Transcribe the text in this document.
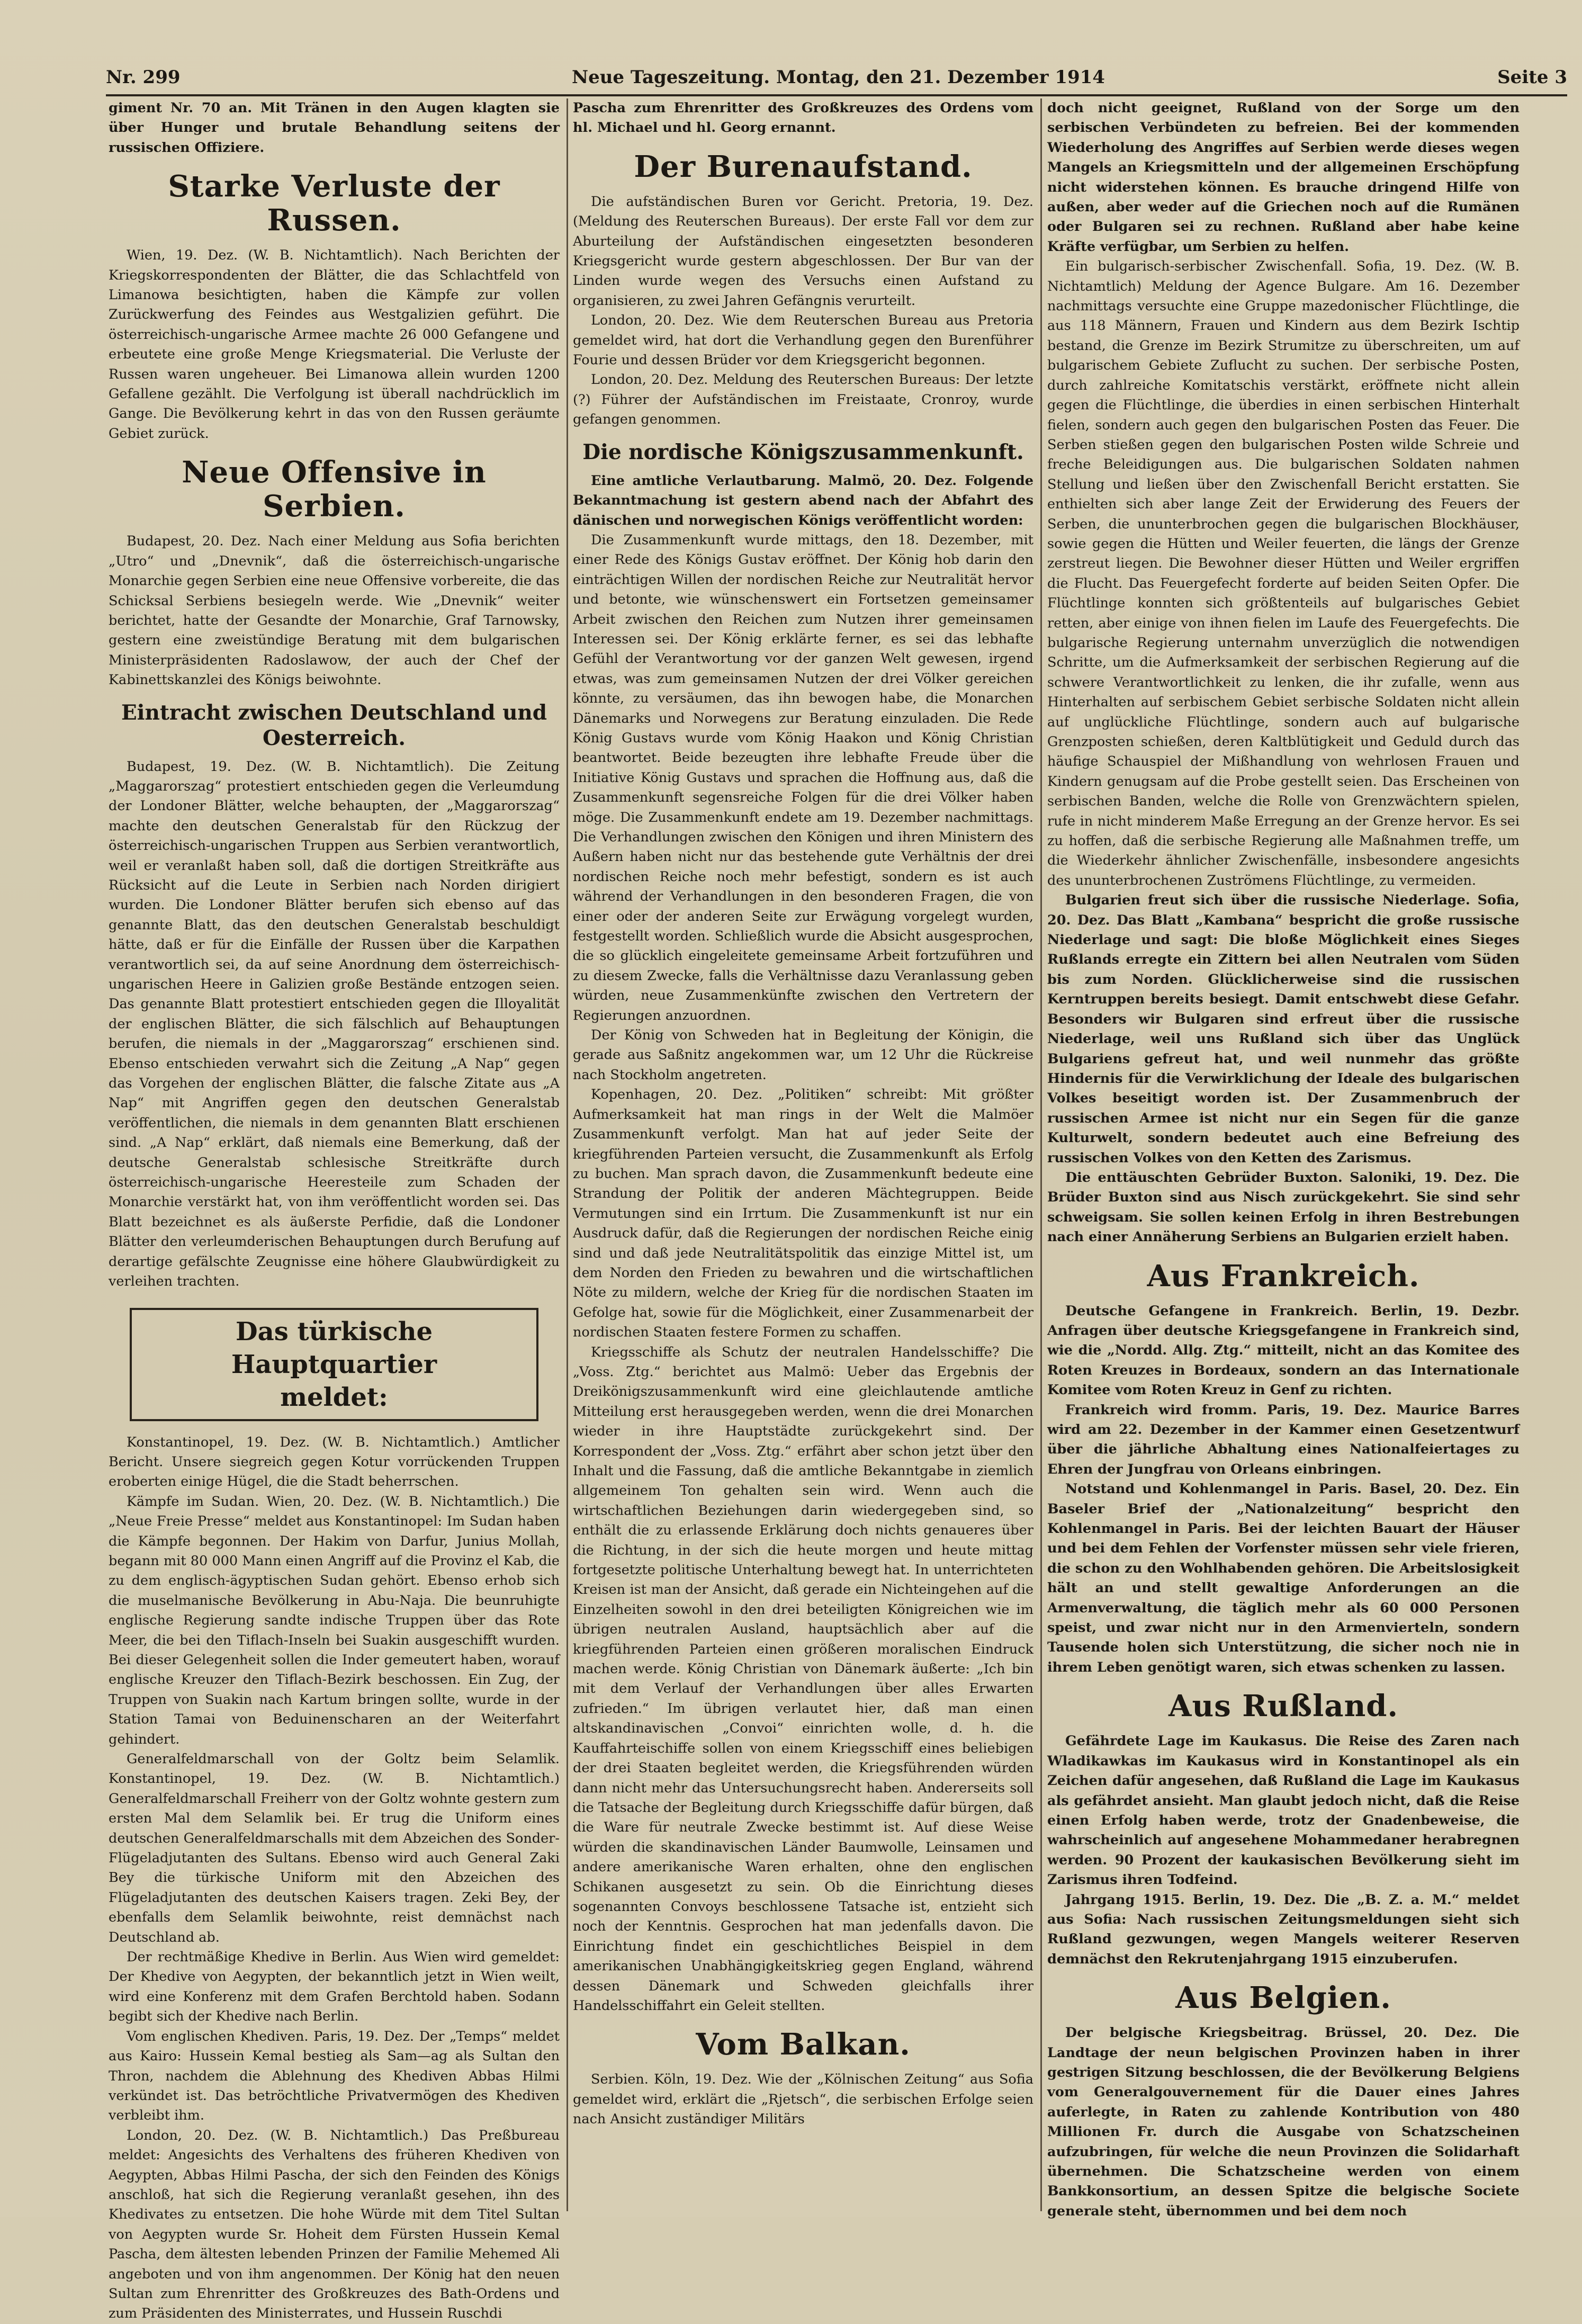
Nr. 299	Neue Tageszeitung. Montag, den 21. Dezember 1914	Seite 3

giment Nr. 70 an. Mit Tränen in den Augen klagten sie über Hunger und brutale Behandlung seitens der russischen Offiziere.

Starke Verluste der Russen.

Wien, 19. Dez. (W. B. Nichtamtlich). Nach Berichten der Kriegskorrespondenten der Blätter, die das Schlachtfeld von Limanowa besichtigten, haben die Kämpfe zur vollen Zurückwerfung des Feindes aus Westgalizien geführt. Die österreichisch-ungarische Armee machte 26 000 Gefangene und erbeutete eine große Menge Kriegsmaterial. Die Verluste der Russen waren ungeheuer. Bei Limanowa allein wurden 1200 Gefallene gezählt. Die Verfolgung ist überall nachdrücklich im Gange. Die Bevölkerung kehrt in das von den Russen geräumte Gebiet zurück.

Neue Offensive in Serbien.

Budapest, 20. Dez. Nach einer Meldung aus Sofia berichten „Utro“ und „Dnevnik“, daß die österreichisch-ungarische Monarchie gegen Serbien eine neue Offensive vorbereite, die das Schicksal Serbiens besiegeln werde. Wie „Dnevnik“ weiter berichtet, hatte der Gesandte der Monarchie, Graf Tarnowsky, gestern eine zweistündige Beratung mit dem bulgarischen Ministerpräsidenten Radoslawow, der auch der Chef der Kabinettskanzlei des Königs beiwohnte.

Eintracht zwischen Deutschland und Oesterreich.

Budapest, 19. Dez. (W. B. Nichtamtlich). Die Zeitung „Maggarorszag“ protestiert entschieden gegen die Verleumdung der Londoner Blätter, welche behaupten, der „Maggarorszag“ machte den deutschen Generalstab für den Rückzug der österreichisch-ungarischen Truppen aus Serbien verantwortlich, weil er veranlaßt haben soll, daß die dortigen Streitkräfte aus Rücksicht auf die Leute in Serbien nach Norden dirigiert wurden. Die Londoner Blätter berufen sich ebenso auf das genannte Blatt, das den deutschen Generalstab beschuldigt hätte, daß er für die Einfälle der Russen über die Karpathen verantwortlich sei, da auf seine Anordnung dem österreichisch-ungarischen Heere in Galizien große Bestände entzogen seien. Das genannte Blatt protestiert entschieden gegen die Illoyalität der englischen Blätter, die sich fälschlich auf Behauptungen berufen, die niemals in der „Maggarorszag“ erschienen sind. Ebenso entschieden verwahrt sich die Zeitung „A Nap“ gegen das Vorgehen der englischen Blätter, die falsche Zitate aus „A Nap“ mit Angriffen gegen den deutschen Generalstab veröffentlichen, die niemals in dem genannten Blatt erschienen sind. „A Nap“ erklärt, daß niemals eine Bemerkung, daß der deutsche Generalstab schlesische Streitkräfte durch österreichisch-ungarische Heeresteile zum Schaden der Monarchie verstärkt hat, von ihm veröffentlicht worden sei. Das Blatt bezeichnet es als äußerste Perfidie, daß die Londoner Blätter den verleumderischen Behauptungen durch Berufung auf derartige gefälschte Zeugnisse eine höhere Glaubwürdigkeit zu verleihen trachten.

Das türkische Hauptquartier
meldet:

Konstantinopel, 19. Dez. (W. B. Nichtamtlich.) Amtlicher Bericht. Unsere siegreich gegen Kotur vorrückenden Truppen eroberten einige Hügel, die die Stadt beherrschen.

Kämpfe im Sudan. Wien, 20. Dez. (W. B. Nichtamtlich.) Die „Neue Freie Presse“ meldet aus Konstantinopel: Im Sudan haben die Kämpfe begonnen. Der Hakim von Darfur, Junius Mollah, begann mit 80 000 Mann einen Angriff auf die Provinz el Kab, die zu dem englisch-ägyptischen Sudan gehört. Ebenso erhob sich die muselmanische Bevölkerung in Abu-Naja. Die beunruhigte englische Regierung sandte indische Truppen über das Rote Meer, die bei den Tiflach-Inseln bei Suakin ausgeschifft wurden. Bei dieser Gelegenheit sollen die Inder gemeutert haben, worauf englische Kreuzer den Tiflach-Bezirk beschossen. Ein Zug, der Truppen von Suakin nach Kartum bringen sollte, wurde in der Station Tamai von Beduinenscharen an der Weiterfahrt gehindert.

Generalfeldmarschall von der Goltz beim Selamlik. Konstantinopel, 19. Dez. (W. B. Nichtamtlich.) Generalfeldmarschall Freiherr von der Goltz wohnte gestern zum ersten Mal dem Selamlik bei. Er trug die Uniform eines deutschen Generalfeldmarschalls mit dem Abzeichen des Sonder-Flügeladjutanten des Sultans. Ebenso wird auch General Zaki Bey die türkische Uniform mit den Abzeichen des Flügeladjutanten des deutschen Kaisers tragen. Zeki Bey, der ebenfalls dem Selamlik beiwohnte, reist demnächst nach Deutschland ab.

Der rechtmäßige Khedive in Berlin. Aus Wien wird gemeldet: Der Khedive von Aegypten, der bekanntlich jetzt in Wien weilt, wird eine Konferenz mit dem Grafen Berchtold haben. Sodann begibt sich der Khedive nach Berlin.

Vom englischen Khediven. Paris, 19. Dez. Der „Temps“ meldet aus Kairo: Hussein Kemal bestieg als Sam—ag als Sultan den Thron, nachdem die Ablehnung des Khediven Abbas Hilmi verkündet ist. Das betröchtliche Privatvermögen des Khediven verbleibt ihm.

London, 20. Dez. (W. B. Nichtamtlich.) Das Preßbureau meldet: Angesichts des Verhaltens des früheren Khediven von Aegypten, Abbas Hilmi Pascha, der sich den Feinden des Königs anschloß, hat sich die Regierung veranlaßt gesehen, ihn des Khedivates zu entsetzen. Die hohe Würde mit dem Titel Sultan von Aegypten wurde Sr. Hoheit dem Fürsten Hussein Kemal Pascha, dem ältesten lebenden Prinzen der Familie Mehemed Ali angeboten und von ihm angenommen. Der König hat den neuen Sultan zum Ehrenritter des Großkreuzes des Bath-Ordens und zum Präsidenten des Ministerrates, und Hussein Ruschdi

Pascha zum Ehrenritter des Großkreuzes des Ordens vom hl. Michael und hl. Georg ernannt.

Der Burenaufstand.

Die aufständischen Buren vor Gericht. Pretoria, 19. Dez. (Meldung des Reuterschen Bureaus). Der erste Fall vor dem zur Aburteilung der Aufständischen eingesetzten besonderen Kriegsgericht wurde gestern abgeschlossen. Der Bur van der Linden wurde wegen des Versuchs einen Aufstand zu organisieren, zu zwei Jahren Gefängnis verurteilt.

London, 20. Dez. Wie dem Reuterschen Bureau aus Pretoria gemeldet wird, hat dort die Verhandlung gegen den Burenführer Fourie und dessen Brüder vor dem Kriegsgericht begonnen.

London, 20. Dez. Meldung des Reuterschen Bureaus: Der letzte (?) Führer der Aufständischen im Freistaate, Cronroy, wurde gefangen genommen.

Die nordische Königszusammenkunft.

Eine amtliche Verlautbarung. Malmö, 20. Dez. Folgende Bekanntmachung ist gestern abend nach der Abfahrt des dänischen und norwegischen Königs veröffentlicht worden:

Die Zusammenkunft wurde mittags, den 18. Dezember, mit einer Rede des Königs Gustav eröffnet. Der König hob darin den einträchtigen Willen der nordischen Reiche zur Neutralität hervor und betonte, wie wünschenswert ein Fortsetzen gemeinsamer Arbeit zwischen den Reichen zum Nutzen ihrer gemeinsamen Interessen sei. Der König erklärte ferner, es sei das lebhafte Gefühl der Verantwortung vor der ganzen Welt gewesen, irgend etwas, was zum gemeinsamen Nutzen der drei Völker gereichen könnte, zu versäumen, das ihn bewogen habe, die Monarchen Dänemarks und Norwegens zur Beratung einzuladen. Die Rede König Gustavs wurde vom König Haakon und König Christian beantwortet. Beide bezeugten ihre lebhafte Freude über die Initiative König Gustavs und sprachen die Hoffnung aus, daß die Zusammenkunft segensreiche Folgen für die drei Völker haben möge. Die Zusammenkunft endete am 19. Dezember nachmittags. Die Verhandlungen zwischen den Königen und ihren Ministern des Außern haben nicht nur das bestehende gute Verhältnis der drei nordischen Reiche noch mehr befestigt, sondern es ist auch während der Verhandlungen in den besonderen Fragen, die von einer oder der anderen Seite zur Erwägung vorgelegt wurden, festgestellt worden. Schließlich wurde die Absicht ausgesprochen, die so glücklich eingeleitete gemeinsame Arbeit fortzuführen und zu diesem Zwecke, falls die Verhältnisse dazu Veranlassung geben würden, neue Zusammenkünfte zwischen den Vertretern der Regierungen anzuordnen.

Der König von Schweden hat in Begleitung der Königin, die gerade aus Saßnitz angekommen war, um 12 Uhr die Rückreise nach Stockholm angetreten.

Kopenhagen, 20. Dez. „Politiken“ schreibt: Mit größter Aufmerksamkeit hat man rings in der Welt die Malmöer Zusammenkunft verfolgt. Man hat auf jeder Seite der kriegführenden Parteien versucht, die Zusammenkunft als Erfolg zu buchen. Man sprach davon, die Zusammenkunft bedeute eine Strandung der Politik der anderen Mächtegruppen. Beide Vermutungen sind ein Irrtum. Die Zusammenkunft ist nur ein Ausdruck dafür, daß die Regierungen der nordischen Reiche einig sind und daß jede Neutralitätspolitik das einzige Mittel ist, um dem Norden den Frieden zu bewahren und die wirtschaftlichen Nöte zu mildern, welche der Krieg für die nordischen Staaten im Gefolge hat, sowie für die Möglichkeit, einer Zusammenarbeit der nordischen Staaten festere Formen zu schaffen.

Kriegsschiffe als Schutz der neutralen Handelsschiffe? Die „Voss. Ztg.“ berichtet aus Malmö: Ueber das Ergebnis der Dreikönigszusammenkunft wird eine gleichlautende amtliche Mitteilung erst herausgegeben werden, wenn die drei Monarchen wieder in ihre Hauptstädte zurückgekehrt sind. Der Korrespondent der „Voss. Ztg.“ erfährt aber schon jetzt über den Inhalt und die Fassung, daß die amtliche Bekanntgabe in ziemlich allgemeinem Ton gehalten sein wird. Wenn auch die wirtschaftlichen Beziehungen darin wiedergegeben sind, so enthält die zu erlassende Erklärung doch nichts genaueres über die Richtung, in der sich die heute morgen und heute mittag fortgesetzte politische Unterhaltung bewegt hat. In unterrichteten Kreisen ist man der Ansicht, daß gerade ein Nichteingehen auf die Einzelheiten sowohl in den drei beteiligten Königreichen wie im übrigen neutralen Ausland, hauptsächlich aber auf die kriegführenden Parteien einen größeren moralischen Eindruck machen werde. König Christian von Dänemark äußerte: „Ich bin mit dem Verlauf der Verhandlungen über alles Erwarten zufrieden.“ Im übrigen verlautet hier, daß man einen altskandinavischen „Convoi“ einrichten wolle, d. h. die Kauffahrteischiffe sollen von einem Kriegsschiff eines beliebigen der drei Staaten begleitet werden, die Kriegsführenden würden dann nicht mehr das Untersuchungsrecht haben. Andererseits soll die Tatsache der Begleitung durch Kriegsschiffe dafür bürgen, daß die Ware für neutrale Zwecke bestimmt ist. Auf diese Weise würden die skandinavischen Länder Baumwolle, Leinsamen und andere amerikanische Waren erhalten, ohne den englischen Schikanen ausgesetzt zu sein. Ob die Einrichtung dieses sogenannten Convoys beschlossene Tatsache ist, entzieht sich noch der Kenntnis. Gesprochen hat man jedenfalls davon. Die Einrichtung findet ein geschichtliches Beispiel in dem amerikanischen Unabhängigkeitskrieg gegen England, während dessen Dänemark und Schweden gleichfalls ihrer Handelsschiffahrt ein Geleit stellten.

Vom Balkan.

Serbien. Köln, 19. Dez. Wie der „Kölnischen Zeitung“ aus Sofia gemeldet wird, erklärt die „Rjetsch“, die serbischen Erfolge seien nach Ansicht zuständiger Militärs

doch nicht geeignet, Rußland von der Sorge um den serbischen Verbündeten zu befreien. Bei der kommenden Wiederholung des Angriffes auf Serbien werde dieses wegen Mangels an Kriegsmitteln und der allgemeinen Erschöpfung nicht widerstehen können. Es brauche dringend Hilfe von außen, aber weder auf die Griechen noch auf die Rumänen oder Bulgaren sei zu rechnen. Rußland aber habe keine Kräfte verfügbar, um Serbien zu helfen.

Ein bulgarisch-serbischer Zwischenfall. Sofia, 19. Dez. (W. B. Nichtamtlich) Meldung der Agence Bulgare. Am 16. Dezember nachmittags versuchte eine Gruppe mazedonischer Flüchtlinge, die aus 118 Männern, Frauen und Kindern aus dem Bezirk Ischtip bestand, die Grenze im Bezirk Strumitze zu überschreiten, um auf bulgarischem Gebiete Zuflucht zu suchen. Der serbische Posten, durch zahlreiche Komitatschis verstärkt, eröffnete nicht allein gegen die Flüchtlinge, die überdies in einen serbischen Hinterhalt fielen, sondern auch gegen den bulgarischen Posten das Feuer. Die Serben stießen gegen den bulgarischen Posten wilde Schreie und freche Beleidigungen aus. Die bulgarischen Soldaten nahmen Stellung und ließen über den Zwischenfall Bericht erstatten. Sie enthielten sich aber lange Zeit der Erwiderung des Feuers der Serben, die ununterbrochen gegen die bulgarischen Blockhäuser, sowie gegen die Hütten und Weiler feuerten, die längs der Grenze zerstreut liegen. Die Bewohner dieser Hütten und Weiler ergriffen die Flucht. Das Feuergefecht forderte auf beiden Seiten Opfer. Die Flüchtlinge konnten sich größtenteils auf bulgarisches Gebiet retten, aber einige von ihnen fielen im Laufe des Feuergefechts. Die bulgarische Regierung unternahm unverzüglich die notwendigen Schritte, um die Aufmerksamkeit der serbischen Regierung auf die schwere Verantwortlichkeit zu lenken, die ihr zufalle, wenn aus Hinterhalten auf serbischem Gebiet serbische Soldaten nicht allein auf unglückliche Flüchtlinge, sondern auch auf bulgarische Grenzposten schießen, deren Kaltblütigkeit und Geduld durch das häufige Schauspiel der Mißhandlung von wehrlosen Frauen und Kindern genugsam auf die Probe gestellt seien. Das Erscheinen von serbischen Banden, welche die Rolle von Grenzwächtern spielen, rufe in nicht minderem Maße Erregung an der Grenze hervor. Es sei zu hoffen, daß die serbische Regierung alle Maßnahmen treffe, um die Wiederkehr ähnlicher Zwischenfälle, insbesondere angesichts des ununterbrochenen Zuströmens Flüchtlinge, zu vermeiden.

Bulgarien freut sich über die russische Niederlage. Sofia, 20. Dez. Das Blatt „Kambana“ bespricht die große russische Niederlage und sagt: Die bloße Möglichkeit eines Sieges Rußlands erregte ein Zittern bei allen Neutralen vom Süden bis zum Norden. Glücklicherweise sind die russischen Kerntruppen bereits besiegt. Damit entschwebt diese Gefahr. Besonders wir Bulgaren sind erfreut über die russische Niederlage, weil uns Rußland sich über das Unglück Bulgariens gefreut hat, und weil nunmehr das größte Hindernis für die Verwirklichung der Ideale des bulgarischen Volkes beseitigt worden ist. Der Zusammenbruch der russischen Armee ist nicht nur ein Segen für die ganze Kulturwelt, sondern bedeutet auch eine Befreiung des russischen Volkes von den Ketten des Zarismus.

Die enttäuschten Gebrüder Buxton. Saloniki, 19. Dez. Die Brüder Buxton sind aus Nisch zurückgekehrt. Sie sind sehr schweigsam. Sie sollen keinen Erfolg in ihren Bestrebungen nach einer Annäherung Serbiens an Bulgarien erzielt haben.

Aus Frankreich.

Deutsche Gefangene in Frankreich. Berlin, 19. Dezbr. Anfragen über deutsche Kriegsgefangene in Frankreich sind, wie die „Nordd. Allg. Ztg.“ mitteilt, nicht an das Komitee des Roten Kreuzes in Bordeaux, sondern an das Internationale Komitee vom Roten Kreuz in Genf zu richten.

Frankreich wird fromm. Paris, 19. Dez. Maurice Barres wird am 22. Dezember in der Kammer einen Gesetzentwurf über die jährliche Abhaltung eines Nationalfeiertages zu Ehren der Jungfrau von Orleans einbringen.

Notstand und Kohlenmangel in Paris. Basel, 20. Dez. Ein Baseler Brief der „Nationalzeitung“ bespricht den Kohlenmangel in Paris. Bei der leichten Bauart der Häuser und bei dem Fehlen der Vorfenster müssen sehr viele frieren, die schon zu den Wohlhabenden gehören. Die Arbeitslosigkeit hält an und stellt gewaltige Anforderungen an die Armenverwaltung, die täglich mehr als 60 000 Personen speist, und zwar nicht nur in den Armenvierteln, sondern Tausende holen sich Unterstützung, die sicher noch nie in ihrem Leben genötigt waren, sich etwas schenken zu lassen.

Aus Rußland.

Gefährdete Lage im Kaukasus. Die Reise des Zaren nach Wladikawkas im Kaukasus wird in Konstantinopel als ein Zeichen dafür angesehen, daß Rußland die Lage im Kaukasus als gefährdet ansieht. Man glaubt jedoch nicht, daß die Reise einen Erfolg haben werde, trotz der Gnadenbeweise, die wahrscheinlich auf angesehene Mohammedaner herabregnen werden. 90 Prozent der kaukasischen Bevölkerung sieht im Zarismus ihren Todfeind.

Jahrgang 1915. Berlin, 19. Dez. Die „B. Z. a. M.“ meldet aus Sofia: Nach russischen Zeitungsmeldungen sieht sich Rußland gezwungen, wegen Mangels weiterer Reserven demnächst den Rekrutenjahrgang 1915 einzuberufen.

Aus Belgien.

Der belgische Kriegsbeitrag. Brüssel, 20. Dez. Die Landtage der neun belgischen Provinzen haben in ihrer gestrigen Sitzung beschlossen, die der Bevölkerung Belgiens vom Generalgouvernement für die Dauer eines Jahres auferlegte, in Raten zu zahlende Kontribution von 480 Millionen Fr. durch die Ausgabe von Schatzscheinen aufzubringen, für welche die neun Provinzen die Solidarhaft übernehmen. Die Schatzscheine werden von einem Bankkonsortium, an dessen Spitze die belgische Societe generale steht, übernommen und bei dem noch
